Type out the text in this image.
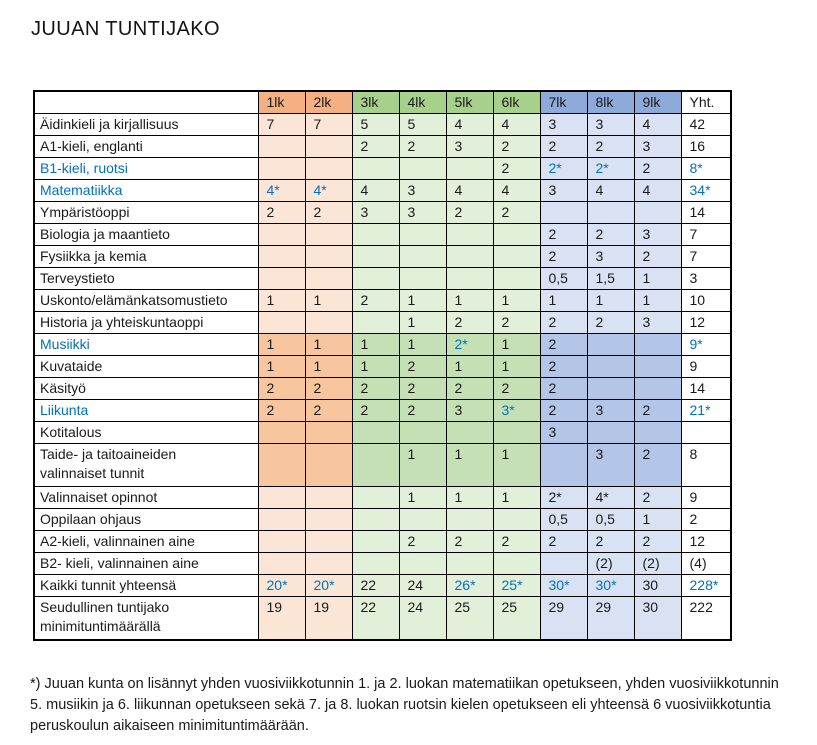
JUUAN TUNTIJAKO
	1lk	2lk	3lk	4lk	5lk	6lk	7lk	8lk	9lk	Yht.
Äidinkieli ja kirjallisuus	7	7	5	5	4	4	3	3	4	42
A1-kieli, englanti			2	2	3	2	2	2	3	16
B1-kieli, ruotsi						2	2*	2*	2	8*
Matematiikka	4*	4*	4	3	4	4	3	4	4	34*
Ympäristöoppi	2	2	3	3	2	2				14
Biologia ja maantieto							2	2	3	7
Fysiikka ja kemia							2	3	2	7
Terveystieto							0,5	1,5	1	3
Uskonto/elämänkatsomustieto	1	1	2	1	1	1	1	1	1	10
Historia ja yhteiskuntaoppi				1	2	2	2	2	3	12
Musiikki	1	1	1	1	2*	1	2			9*
Kuvataide	1	1	1	2	1	1	2			9
Käsityö	2	2	2	2	2	2	2			14
Liikunta	2	2	2	2	3	3*	2	3	2	21*
Kotitalous							3			
Taide- ja taitoaineiden
valinnaiset tunnit				1	1	1		3	2	8
Valinnaiset opinnot				1	1	1	2*	4*	2	9
Oppilaan ohjaus							0,5	0,5	1	2
A2-kieli, valinnainen aine				2	2	2	2	2	2	12
B2- kieli, valinnainen aine								(2)	(2)	(4)
Kaikki tunnit yhteensä	20*	20*	22	24	26*	25*	30*	30*	30	228*
Seudullinen tuntijako
minimituntimäärällä	19	19	22	24	25	25	29	29	30	222

*) Juuan kunta on lisännyt yhden vuosiviikkotunnin 1. ja 2. luokan matematiikan opetukseen, yhden vuosiviikkotunnin 5. musiikin ja 6. liikunnan opetukseen sekä 7. ja 8. luokan ruotsin kielen opetukseen eli yhteensä 6 vuosiviikkotuntia peruskoulun aikaiseen minimituntimäärään.
